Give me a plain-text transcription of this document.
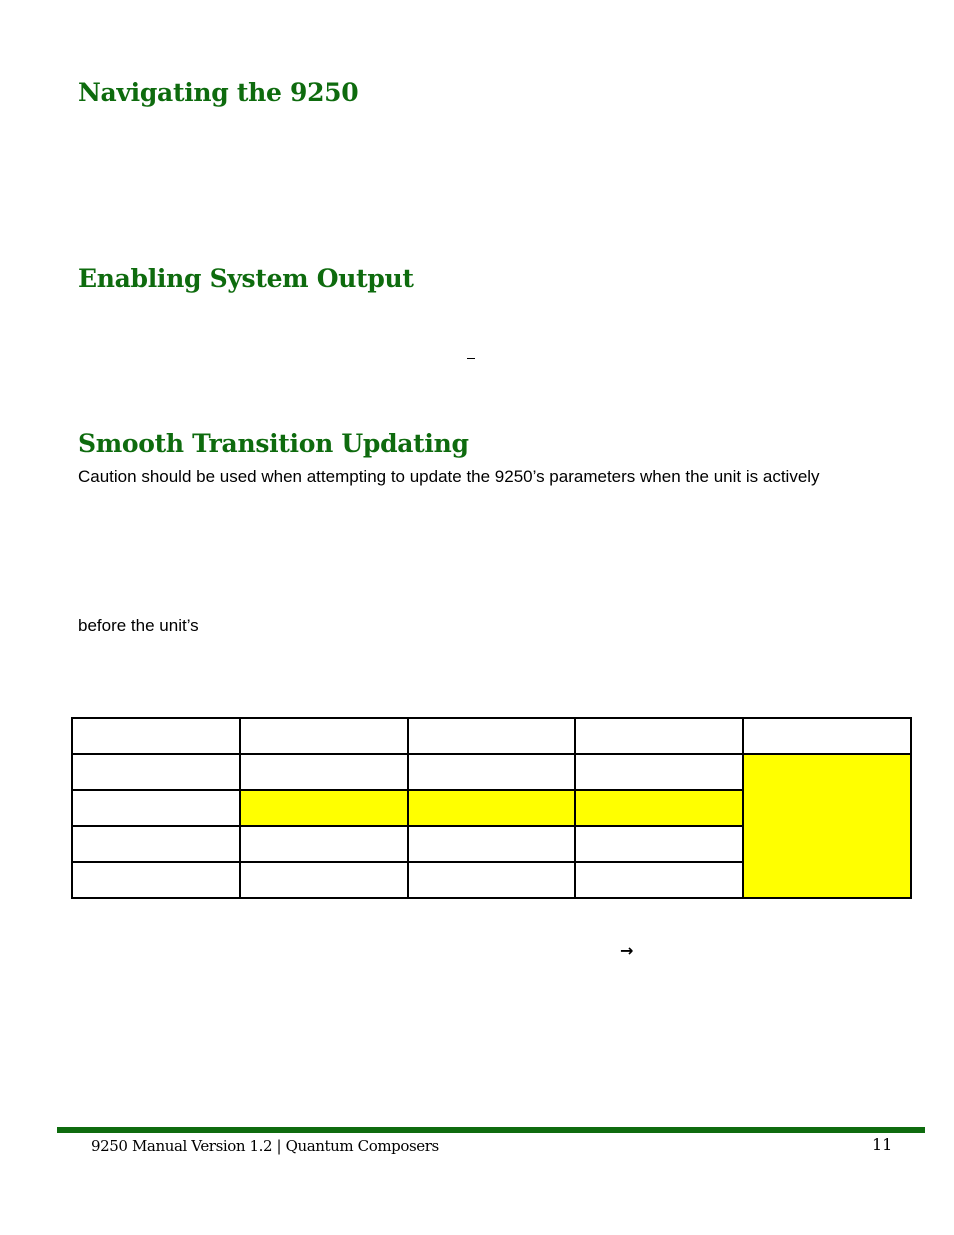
Navigating the 9250
Enabling System Output
Smooth Transition Updating

Caution should be used when attempting to update the 9250’s parameters when the unit is actively

before the unit’s

→
9250 Manual Version 1.2 | Quantum Composers	11
